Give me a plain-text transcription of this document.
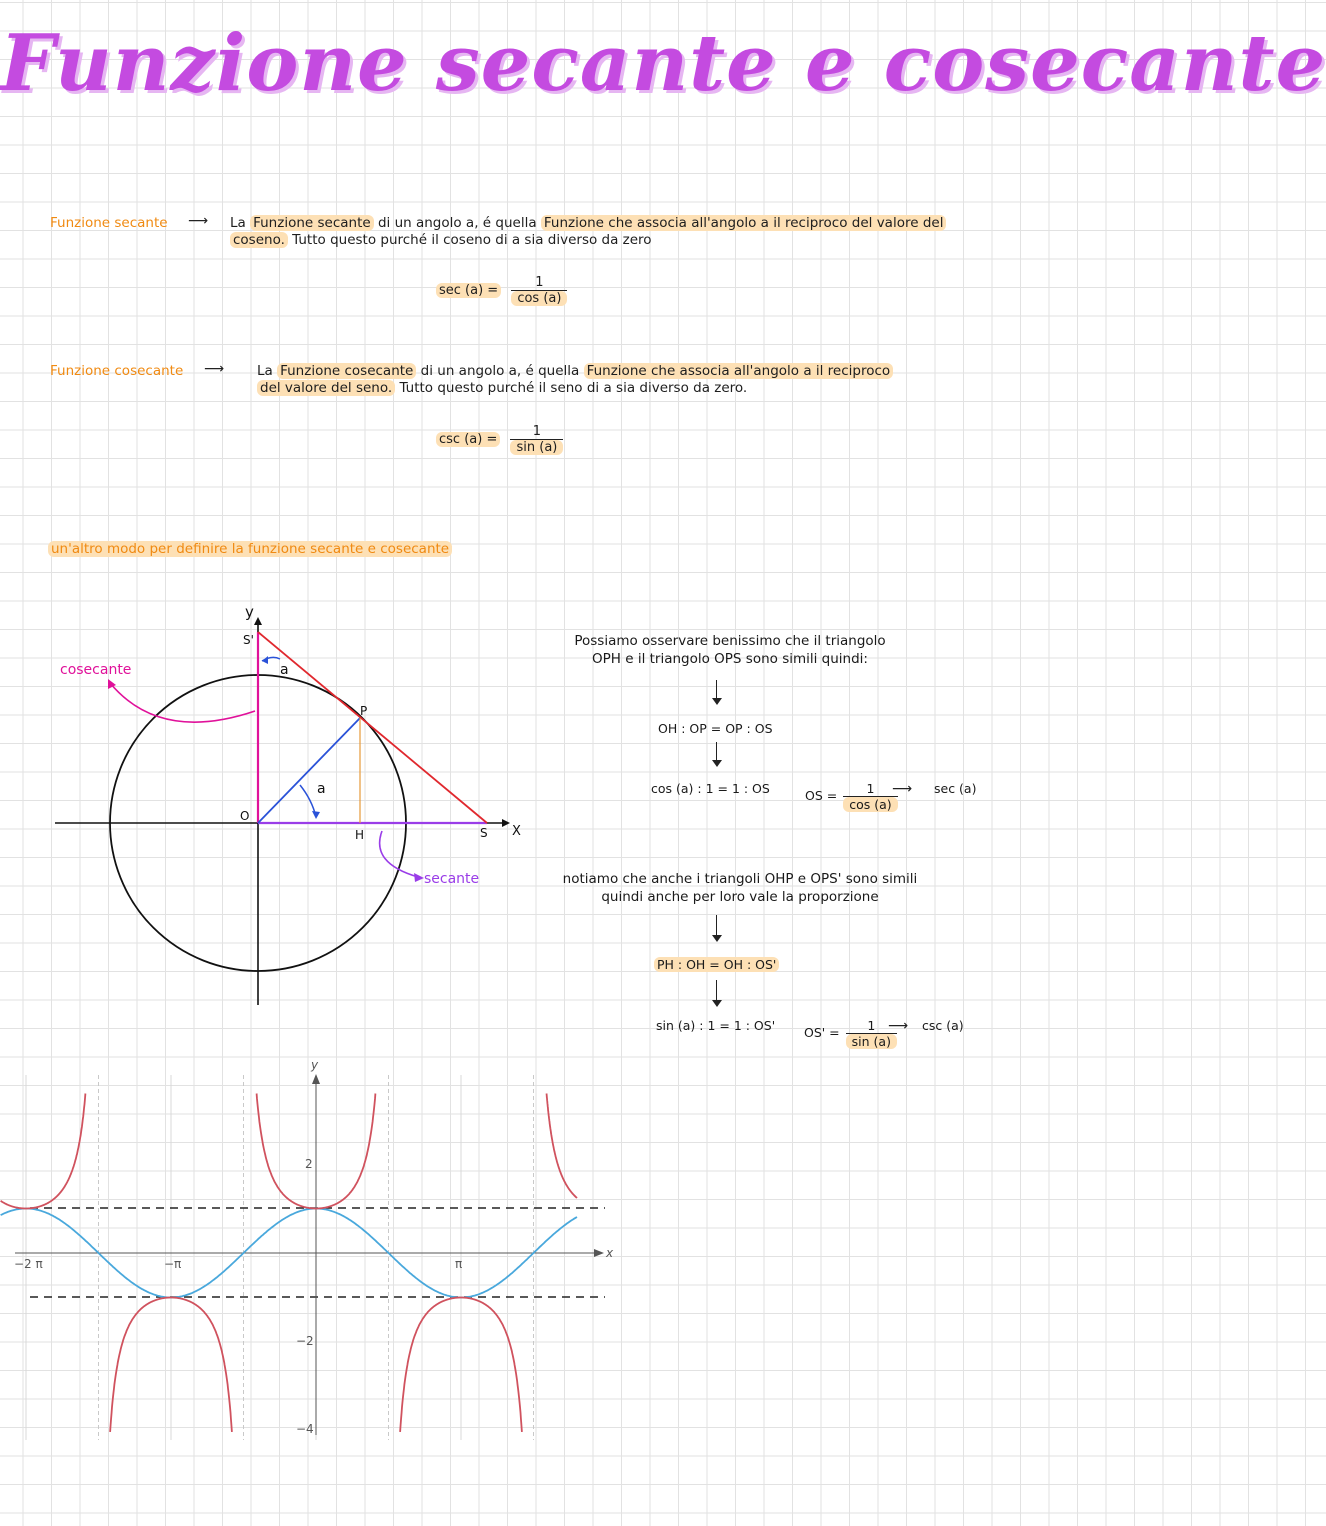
Funzione secante e cosecante
Funzione secante ⟶ La Funzione secante di un angolo a, é quella Funzione che associa all'angolo a il reciproco del valore del
coseno. Tutto questo purché il coseno di a sia diverso da zero
$\sec (a) = \frac{1}{\cos (a)}$
Funzione cosecante ⟶ La Funzione cosecante di un angolo a, é quella Funzione che associa all'angolo a il reciproco
del valore del seno. Tutto questo purché il seno di a sia diverso da zero.
$\csc (a) = \frac{1}{\sin (a)}$
un'altro modo per definire la funzione secante e cosecante
y
X
O
S'
S
P
H
a
a
cosecante
secante
Possiamo osservare benissimo che il triangolo
OPH e il triangolo OPS sono simili quindi:
OH : OP = OP : OS
cos (a) : 1 = 1 : OS	OS = $\frac{1}{\cos (a)}$
⟶ sec (a)
notiamo che anche i triangoli OHP e OPS' sono simili
quindi anche per loro vale la proporzione
PH : OH = OH : OS'
sin (a) : 1 = 1 : OS' $OS' = \frac{1}{\sin (a)}$
⟶ csc (a)
y
x
−2 π	−π	π
2
−2
−4
